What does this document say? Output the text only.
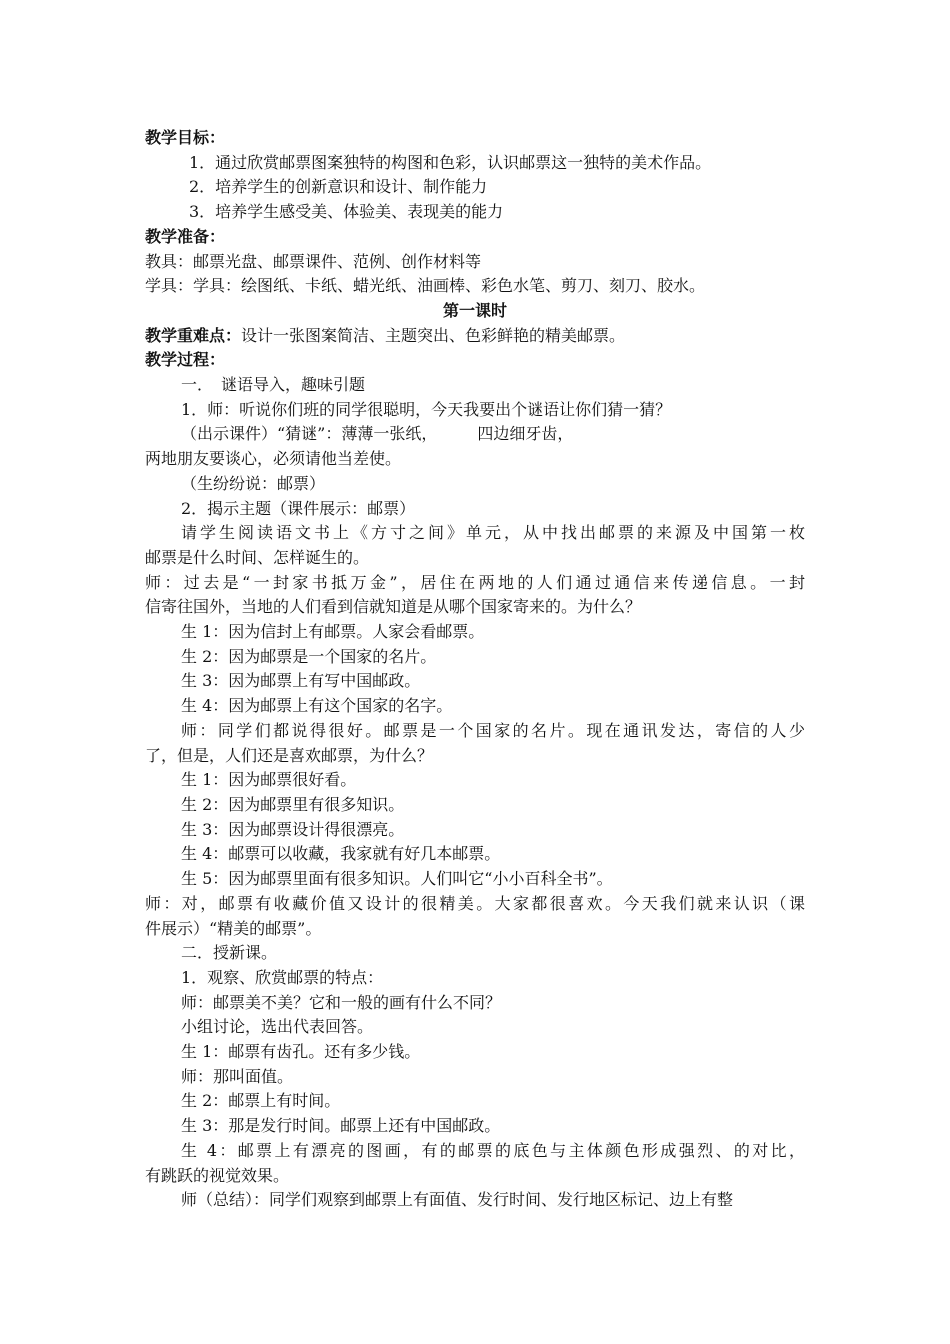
教学目标：
1．通过欣赏邮票图案独特的构图和色彩，认识邮票这一独特的美术作品。
2．培养学生的创新意识和设计、制作能力
3．培养学生感受美、体验美、表现美的能力
教学准备：
教具：邮票光盘、邮票课件、范例、创作材料等
学具：学具：绘图纸、卡纸、蜡光纸、油画棒、彩色水笔、剪刀、刻刀、胶水。
第一课时
教学重难点：设计一张图案简洁、主题突出、色彩鲜艳的精美邮票。
教学过程：
一．　谜语导入，趣味引题
1．师：听说你们班的同学很聪明，今天我要出个谜语让你们猜一猜？
（出示课件）“猜谜”：薄薄一张纸，	四边细牙齿，
两地朋友要谈心，必须请他当差使。
（生纷纷说：邮票）
2．揭示主题（课件展示：邮票）
请学生阅读语文书上《方寸之间》单元，从中找出邮票的来源及中国第一枚
邮票是什么时间、怎样诞生的。
师：过去是“一封家书抵万金”，居住在两地的人们通过通信来传递信息。一封
信寄往国外，当地的人们看到信就知道是从哪个国家寄来的。为什么？
生 1：因为信封上有邮票。人家会看邮票。
生 2：因为邮票是一个国家的名片。
生 3：因为邮票上有写中国邮政。
生 4：因为邮票上有这个国家的名字。
师：同学们都说得很好。邮票是一个国家的名片。现在通讯发达，寄信的人少
了，但是，人们还是喜欢邮票，为什么？
生 1：因为邮票很好看。
生 2：因为邮票里有很多知识。
生 3：因为邮票设计得很漂亮。
生 4：邮票可以收藏，我家就有好几本邮票。
生 5：因为邮票里面有很多知识。人们叫它“小小百科全书”。
师：对，邮票有收藏价值又设计的很精美。大家都很喜欢。今天我们就来认识（课
件展示）“精美的邮票”。
二．授新课。
1．观察、欣赏邮票的特点：
师：邮票美不美？它和一般的画有什么不同？
小组讨论，选出代表回答。
生 1：邮票有齿孔。还有多少钱。
师：那叫面值。
生 2：邮票上有时间。
生 3：那是发行时间。邮票上还有中国邮政。
生 4：邮票上有漂亮的图画，有的邮票的底色与主体颜色形成强烈、的对比，
有跳跃的视觉效果。
师（总结）：同学们观察到邮票上有面值、发行时间、发行地区标记、边上有整
